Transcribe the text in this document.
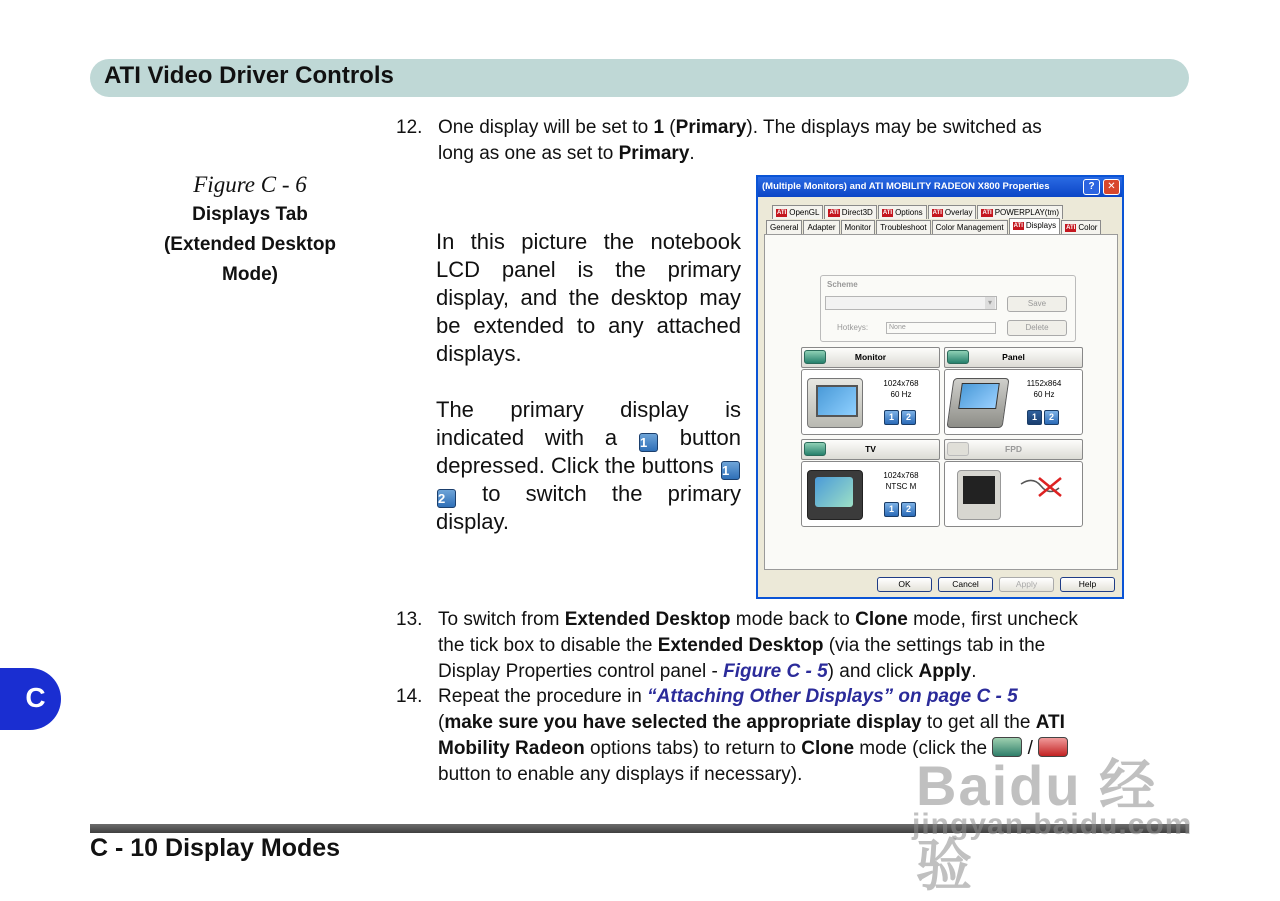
ATI Video Driver Controls
Figure C - 6
Displays Tab
(Extended Desktop
Mode)
12. One display will be set to 1 (Primary). The displays may be switched as
long as one as set to Primary.
In this picture the notebook LCD panel is the primary display, and the desktop may be extended to any attached displays.
The primary display is indicated with a 1 button depressed. Click the buttons 12 to switch the primary display.
(Multiple Monitors) and ATI MOBILITY RADEON X800 Properties	?	✕
ATI OpenGL	ATI Direct3D	ATI Options	ATI Overlay	ATI POWERPLAY(tm)
General	Adapter	Monitor	Troubleshoot	Color Management	ATI Displays	ATI Color
Scheme
▾
Hotkeys:	None
Save
Delete
Monitor
1024x768
60 Hz
1	2
Panel
1152x864
60 Hz
1	2
TV
1024x768
NTSC M
1	2
FPD
OK	Cancel	Apply	Help
13. To switch from Extended Desktop mode back to Clone mode, first uncheck
the tick box to disable the Extended Desktop (via the settings tab in the
Display Properties control panel - Figure C - 5) and click Apply.
14. Repeat the procedure in “Attaching Other Displays” on page C - 5
(make sure you have selected the appropriate display to get all the ATI
Mobility Radeon options tabs) to return to Clone mode (click the  /
button to enable any displays if necessary).
C
C - 10 Display Modes
Baidu 经验
jingyan.baidu.com
